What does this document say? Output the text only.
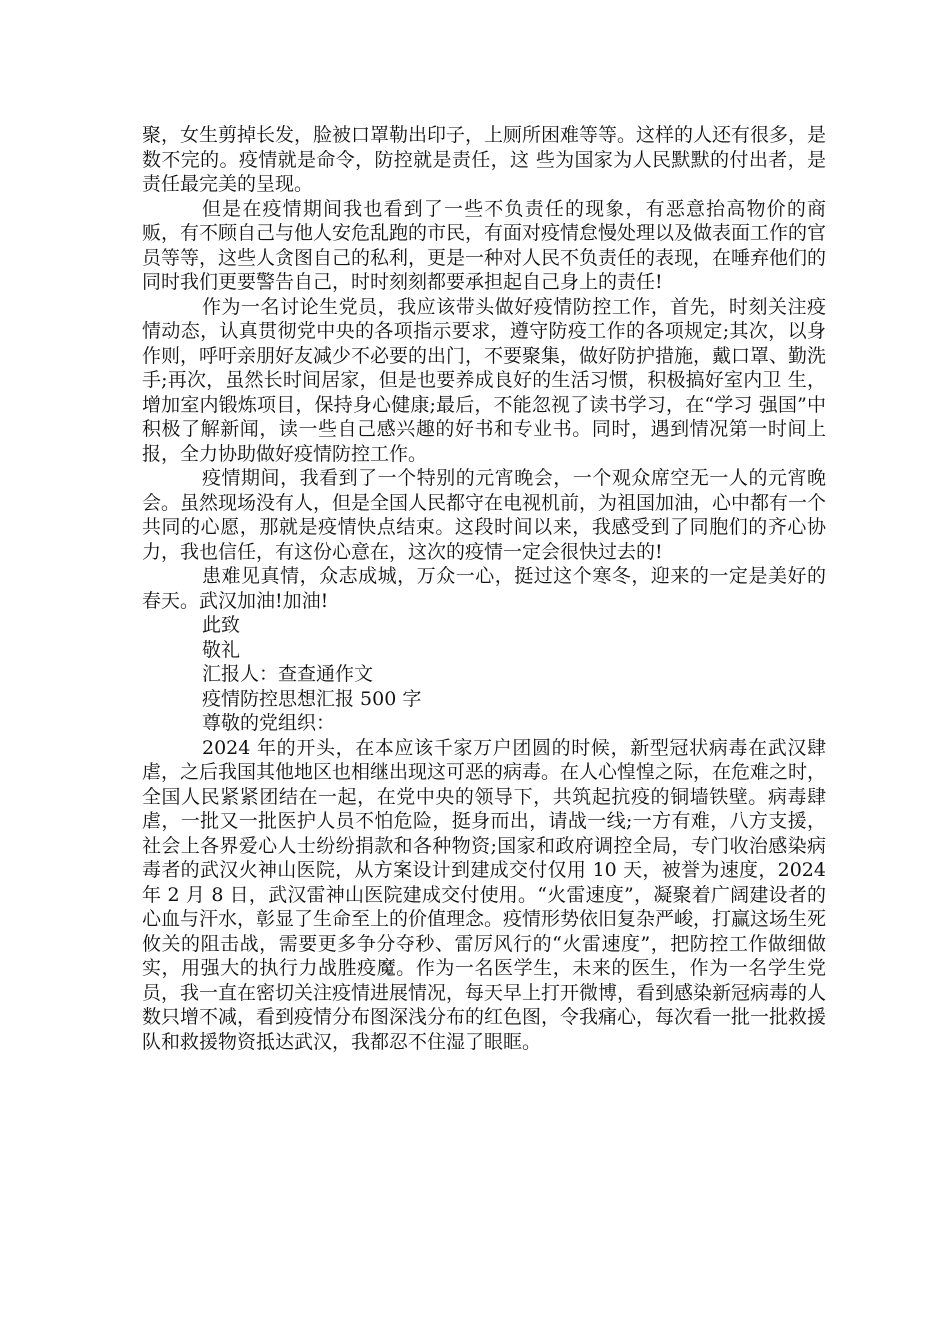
聚，女生剪掉长发，脸被口罩勒出印子，上厕所困难等等。这样的人还有很多，是数不完的。疫情就是命令，防控就是责任，这 些为国家为人民默默的付出者，是责任最完美的呈现。

但是在疫情期间我也看到了一些不负责任的现象，有恶意抬高物价的商贩，有不顾自己与他人安危乱跑的市民，有面对疫情怠慢处理以及做表面工作的官员等等，这些人贪图自己的私利，更是一种对人民不负责任的表现，在唾弃他们的 同时我们更要警告自己，时时刻刻都要承担起自己身上的责任!

作为一名讨论生党员，我应该带头做好疫情防控工作，首先，时刻关注疫情动态，认真贯彻党中央的各项指示要求，遵守防疫工作的各项规定;其次，以身 作则，呼吁亲朋好友减少不必要的出门，不要聚集，做好防护措施，戴口罩、勤洗手;再次，虽然长时间居家，但是也要养成良好的生活习惯，积极搞好室内卫 生，增加室内锻炼项目，保持身心健康;最后，不能忽视了读书学习，在“学习 强国”中积极了解新闻，读一些自己感兴趣的好书和专业书。同时，遇到情况第一时间上报，全力协助做好疫情防控工作。

疫情期间，我看到了一个特别的元宵晚会，一个观众席空无一人的元宵晚会。虽然现场没有人，但是全国人民都守在电视机前，为祖国加油，心中都有一个共同的心愿，那就是疫情快点结束。这段时间以来，我感受到了同胞们的齐心协力，我也信任，有这份心意在，这次的疫情一定会很快过去的!

患难见真情，众志成城，万众一心，挺过这个寒冬，迎来的一定是美好的春天。武汉加油!加油!

此致

敬礼

汇报人：查查通作文

疫情防控思想汇报 500 字

尊敬的党组织：

2024 年的开头，在本应该千家万户团圆的时候，新型冠状病毒在武汉肆虐，之后我国其他地区也相继出现这可恶的病毒。在人心惶惶之际，在危难之时，全国人民紧紧团结在一起，在党中央的领导下，共筑起抗疫的铜墙铁壁。病毒肆虐，一批又一批医护人员不怕危险，挺身而出，请战一线;一方有难，八方支援，社会上各界爱心人士纷纷捐款和各种物资;国家和政府调控全局，专门收治感染病毒者的武汉火神山医院，从方案设计到建成交付仅用 10 天，被誉为速度，2024 年 2 月 8 日，武汉雷神山医院建成交付使用。“火雷速度”，凝聚着广阔建设者的心血与汗水，彰显了生命至上的价值理念。疫情形势依旧复杂严峻，打赢这场生死攸关的阻击战，需要更多争分夺秒、雷厉风行的“火雷速度”，把防控工作做细做实，用强大的执行力战胜疫魔。作为一名医学生，未来的医生，作为一名学生党员，我一直在密切关注疫情进展情况，每天早上打开微博，看到感染新冠病毒的人数只增不减，看到疫情分布图深浅分布的红色图，令我痛心，每次看一批一批救援队和救援物资抵达武汉，我都忍不住湿了眼眶。
